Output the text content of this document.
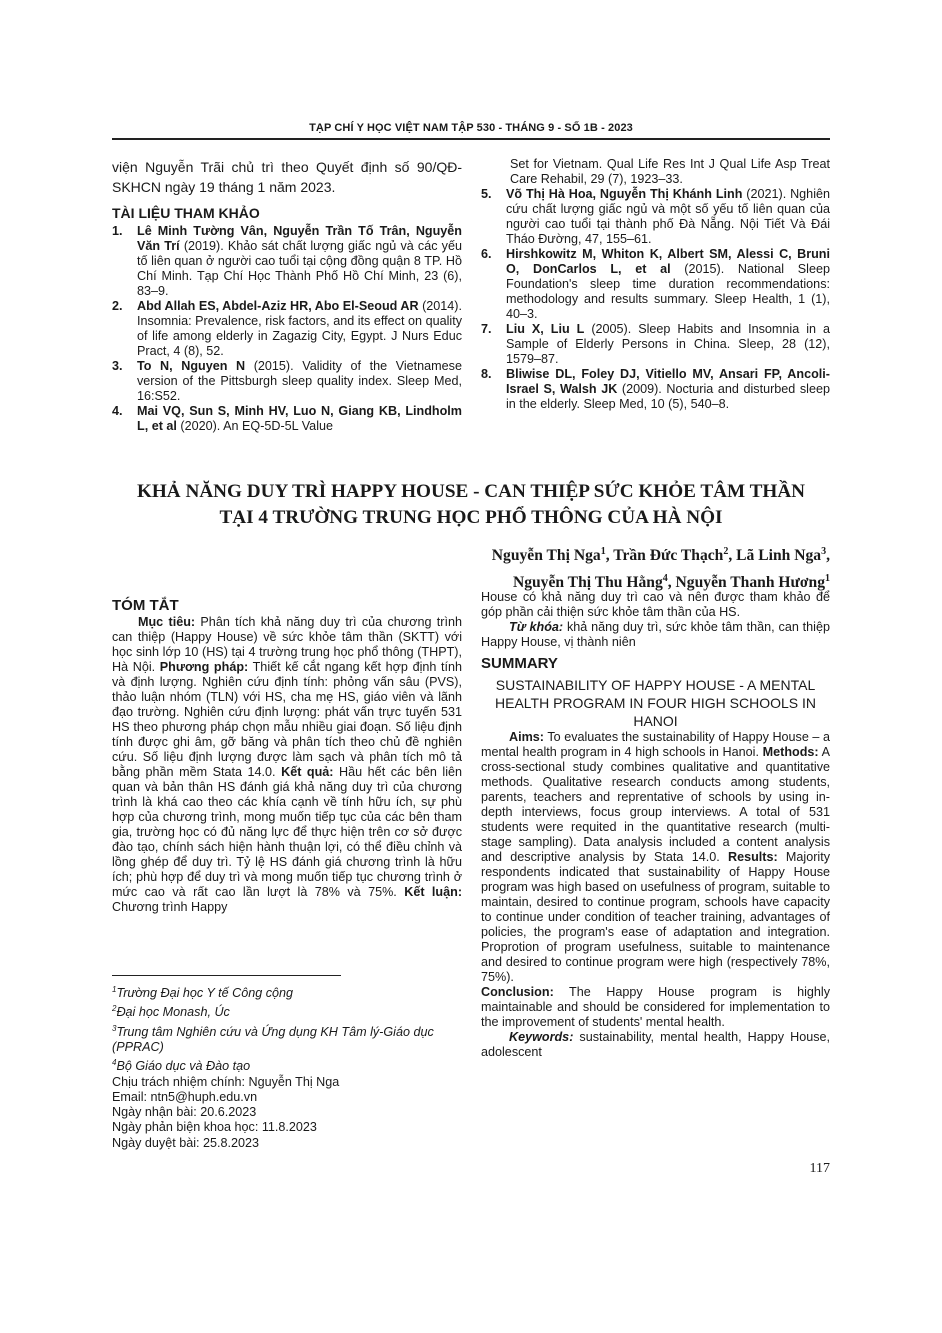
TẠP CHÍ Y HỌC VIỆT NAM TẬP 530 - THÁNG 9 - SỐ 1B - 2023

viện Nguyễn Trãi chủ trì theo Quyết định số 90/QĐ-SKHCN ngày 19 tháng 1 năm 2023.

TÀI LIỆU THAM KHẢO

1. Lê Minh Tường Vân, Nguyễn Trần Tố Trân, Nguyễn Văn Trí (2019). Khảo sát chất lượng giấc ngủ và các yếu tố liên quan ở người cao tuổi tại cộng đồng quận 8 TP. Hồ Chí Minh. Tạp Chí Học Thành Phố Hồ Chí Minh, 23 (6), 83–9.
2. Abd Allah ES, Abdel-Aziz HR, Abo El-Seoud AR (2014). Insomnia: Prevalence, risk factors, and its effect on quality of life among elderly in Zagazig City, Egypt. J Nurs Educ Pract, 4 (8), 52.
3. To N, Nguyen N (2015). Validity of the Vietnamese version of the Pittsburgh sleep quality index. Sleep Med, 16:S52.
4. Mai VQ, Sun S, Minh HV, Luo N, Giang KB, Lindholm L, et al (2020). An EQ-5D-5L Value

Set for Vietnam. Qual Life Res Int J Qual Life Asp Treat Care Rehabil, 29 (7), 1923–33.

5. Võ Thị Hà Hoa, Nguyễn Thị Khánh Linh (2021). Nghiên cứu chất lượng giấc ngủ và một số yếu tố liên quan của người cao tuổi tại thành phố Đà Nẵng. Nội Tiết Và Đái Tháo Đường, 47, 155–61.
6. Hirshkowitz M, Whiton K, Albert SM, Alessi C, Bruni O, DonCarlos L, et al (2015). National Sleep Foundation's sleep time duration recommendations: methodology and results summary. Sleep Health, 1 (1), 40–3.
7. Liu X, Liu L (2005). Sleep Habits and Insomnia in a Sample of Elderly Persons in China. Sleep, 28 (12), 1579–87.
8. Bliwise DL, Foley DJ, Vitiello MV, Ansari FP, Ancoli-Israel S, Walsh JK (2009). Nocturia and disturbed sleep in the elderly. Sleep Med, 10 (5), 540–8.
KHẢ NĂNG DUY TRÌ HAPPY HOUSE - CAN THIỆP SỨC KHỎE TÂM THẦN
TẠI 4 TRƯỜNG TRUNG HỌC PHỔ THÔNG CỦA HÀ NỘI
Nguyễn Thị Nga$^1$, Trần Đức Thạch$^2$, Lã Linh Nga$^3$,
Nguyễn Thị Thu Hằng$^4$, Nguyễn Thanh Hương$^1$

TÓM TẮT

Mục tiêu: Phân tích khả năng duy trì của chương trình can thiệp (Happy House) về sức khỏe tâm thần (SKTT) với học sinh lớp 10 (HS) tại 4 trường trung học phổ thông (THPT), Hà Nội. Phương pháp: Thiết kế cắt ngang kết hợp định tính và định lượng. Nghiên cứu định tính: phỏng vấn sâu (PVS), thảo luận nhóm (TLN) với HS, cha mẹ HS, giáo viên và lãnh đạo trường. Nghiên cứu định lượng: phát vấn trực tuyến 531 HS theo phương pháp chọn mẫu nhiều giai đoạn. Số liệu định tính được ghi âm, gỡ băng và phân tích theo chủ đề nghiên cứu. Số liệu định lượng được làm sạch và phân tích mô tả bằng phần mềm Stata 14.0. Kết quả: Hầu hết các bên liên quan và bản thân HS đánh giá khả năng duy trì của chương trình là khá cao theo các khía cạnh về tính hữu ích, sự phù hợp của chương trình, mong muốn tiếp tục của các bên tham gia, trường học có đủ năng lực để thực hiện trên cơ sở được đào tạo, chính sách hiện hành thuận lợi, có thể điều chỉnh và lồng ghép để duy trì. Tỷ lệ HS đánh giá chương trình là hữu ích; phù hợp để duy trì và mong muốn tiếp tục chương trình ở mức cao và rất cao lần lượt là 78% và 75%. Kết luận: Chương trình Happy

$^1$Trường Đại học Y tế Công cộng
$^2$Đại học Monash, Úc
$^3$Trung tâm Nghiên cứu và Ứng dụng KH Tâm lý-Giáo dục (PPRAC)
$^4$Bộ Giáo dục và Đào tạo
Chịu trách nhiệm chính: Nguyễn Thị Nga
Email: ntn5@huph.edu.vn
Ngày nhận bài: 20.6.2023
Ngày phản biện khoa học: 11.8.2023
Ngày duyệt bài: 25.8.2023

House có khả năng duy trì cao và nên được tham khảo để góp phần cải thiện sức khỏe tâm thần của HS.

Từ khóa: khả năng duy trì, sức khỏe tâm thần, can thiệp Happy House, vị thành niên

SUMMARY

SUSTAINABILITY OF HAPPY HOUSE - A MENTAL HEALTH PROGRAM IN FOUR HIGH SCHOOLS IN HANOI

Aims: To evaluates the sustainability of Happy House – a mental health program in 4 high schools in Hanoi. Methods: A cross-sectional study combines qualitative and quantitative methods. Qualitative research conducts among students, parents, teachers and reprentative of schools by using in-depth interviews, focus group interviews. A total of 531 students were requited in the quantitative research (multi-stage sampling). Data analysis included a content analysis and descriptive analysis by Stata 14.0. Results: Majority respondents indicated that sustainability of Happy House program was high based on usefulness of program, suitable to maintain, desired to continue program, schools have capacity to continue under condition of teacher training, advantages of policies, the program's ease of adaptation and integration. Proprotion of program usefulness, suitable to maintenance and desired to continue program were high (respectively 78%, 75%).

Conclusion: The Happy House program is highly maintainable and should be considered for implementation to the improvement of students' mental health.

Keywords: sustainability, mental health, Happy House, adolescent

117
